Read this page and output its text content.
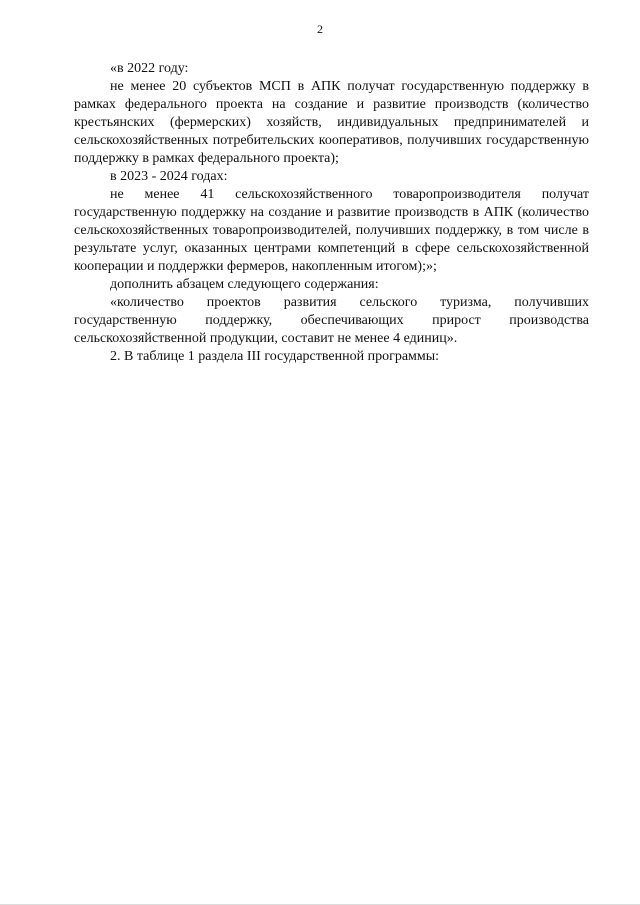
2

«в 2022 году:

не менее 20 субъектов МСП в АПК получат государственную поддержку в рамках федерального проекта на создание и развитие производств (количество крестьянских (фермерских) хозяйств, индивидуальных предпринимателей и сельскохозяйственных потребительских кооперативов, получивших государственную поддержку в рамках федерального проекта);

в 2023 - 2024 годах:

не менее 41 сельскохозяйственного товаропроизводителя получат государственную поддержку на создание и развитие производств в АПК (количество сельскохозяйственных товаропроизводителей, получивших поддержку, в том числе в результате услуг, оказанных центрами компетенций в сфере сельскохозяйственной кооперации и поддержки фермеров, накопленным итогом);»;

дополнить абзацем следующего содержания:

«количество проектов развития сельского туризма, получивших государственную поддержку, обеспечивающих прирост производства сельскохозяйственной продукции, составит не менее 4 единиц».

2. В таблице 1 раздела III государственной программы:
